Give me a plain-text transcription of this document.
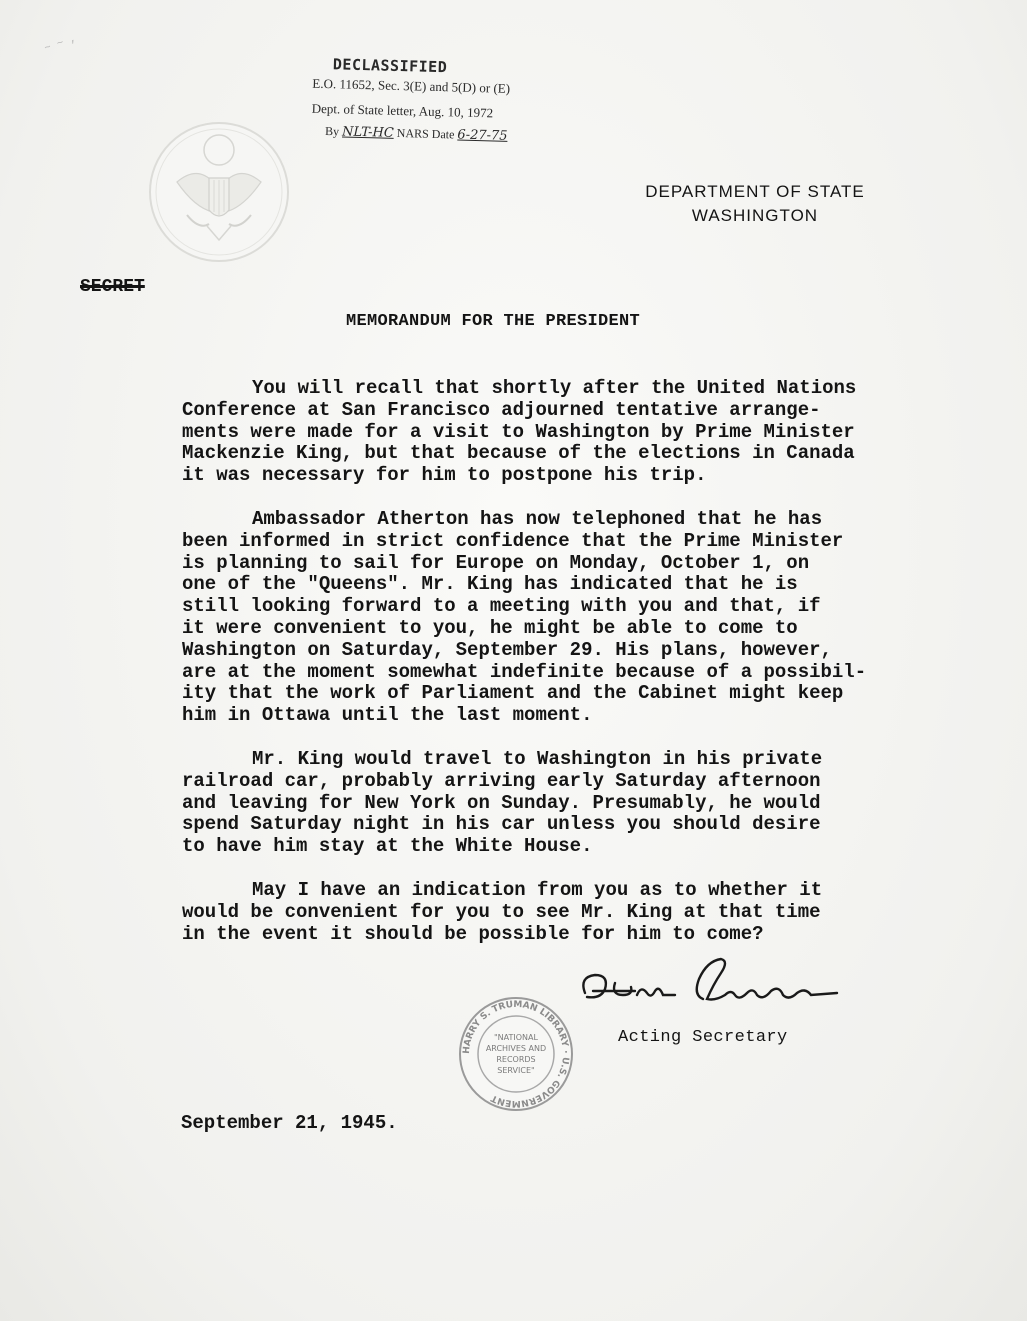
~ ~ ,
DECLASSIFIED
E.O. 11652, Sec. 3(E) and 5(D) or (E)
Dept. of State letter, Aug. 10, 1972
By NLT-HC NARS Date 6-27-75
DEPARTMENT OF STATE
WASHINGTON
SECRET
MEMORANDUM FOR THE PRESIDENT
You will recall that shortly after the United Nations
Conference at San Francisco adjourned tentative arrange-
ments were made for a visit to Washington by Prime Minister
Mackenzie King, but that because of the elections in Canada
it was necessary for him to postpone his trip.
Ambassador Atherton has now telephoned that he has
been informed in strict confidence that the Prime Minister
is planning to sail for Europe on Monday, October 1, on
one of the "Queens". Mr. King has indicated that he is
still looking forward to a meeting with you and that, if
it were convenient to you, he might be able to come to
Washington on Saturday, September 29. His plans, however,
are at the moment somewhat indefinite because of a possibil-
ity that the work of Parliament and the Cabinet might keep
him in Ottawa until the last moment.
Mr. King would travel to Washington in his private
railroad car, probably arriving early Saturday afternoon
and leaving for New York on Sunday. Presumably, he would
spend Saturday night in his car unless you should desire
to have him stay at the White House.
May I have an indication from you as to whether it
would be convenient for you to see Mr. King at that time
in the event it should be possible for him to come?
Acting Secretary
HARRY S. TRUMAN LIBRARY · U.S. GOVERNMENT
"NATIONAL
ARCHIVES AND
RECORDS
SERVICE"
September 21, 1945.
